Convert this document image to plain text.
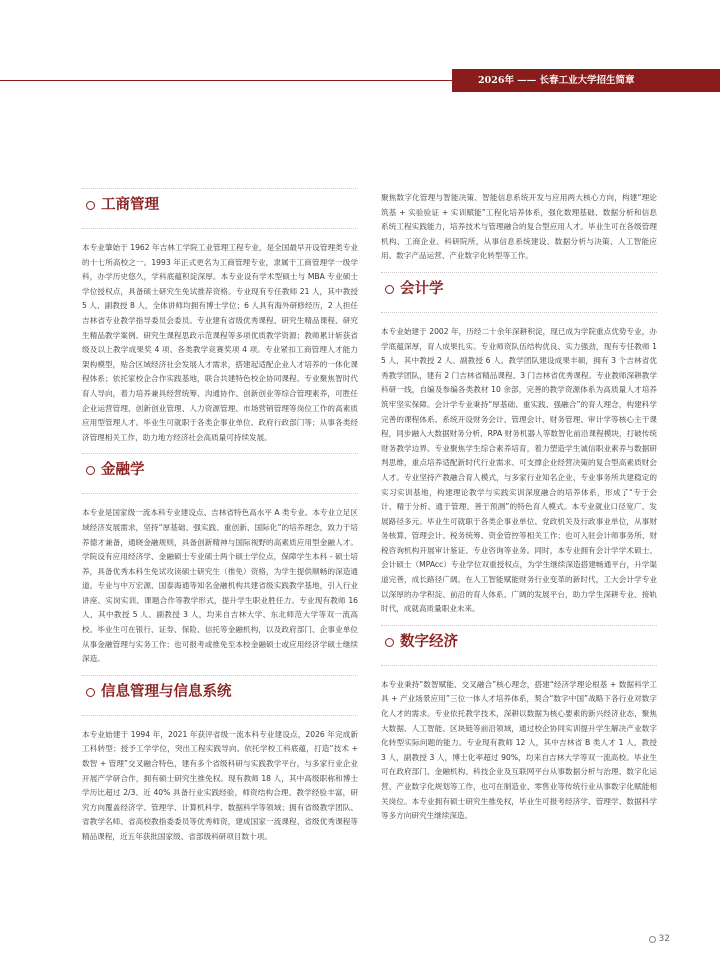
2026年 —— 长春工业大学招生简章
工商管理

本专业肇始于 1962 年吉林工学院工业管理工程专业，是全国最早开设管理类专业的十七所高校之一。1993 年正式更名为工商管理专业，隶属于工商管理学一级学科，办学历史悠久，学科底蕴积淀深厚。本专业设有学术型硕士与 MBA 专业硕士学位授权点，具备硕士研究生免试推荐资格。专业现有专任教师 21 人，其中教授 5 人、副教授 8 人，全体讲师均拥有博士学位；6 人具有海外研修经历，2 人担任吉林省专业教学指导委员会委员。专业建有省级优秀课程、研究生精品课程、研究生精品教学案例、研究生课程思政示范课程等多项优质教学资源；教师累计斩获省级及以上教学成果奖 4 项、各类教学竞赛奖项 4 项。专业紧扣工商管理人才能力架构模型，贴合区域经济社会发展人才需求，搭建起适配企业人才培养的一体化课程体系；依托家校企合作实践基地，联合共建特色校企协同课程。专业聚焦智时代育人导向，着力培养兼具经营统筹、沟通协作、创新创业等综合管理素养，可胜任企业运营管理、创新创业管理、人力资源管理、市场营销管理等岗位工作的高素质应用型管理人才。毕业生可就职于各类企事业单位、政府行政部门等；从事各类经济管理相关工作，助力地方经济社会高质量可持续发展。

金融学

本专业是国家级一流本科专业建设点、吉林省特色高水平 A 类专业。本专业立足区域经济发展需求，坚持“厚基础、强实践、重创新、国际化”的培养理念，致力于培养德才兼备，通晓金融规则，具备创新精神与国际视野的高素质应用型金融人才。学院设有应用经济学、金融硕士专业硕士两个硕士学位点，保障学生本科 - 硕士培养，具备优秀本科生免试攻读硕士研究生（推免）资格，为学生提供顺畅的深造通道。专业与中万宏源、国泰海通等知名金融机构共建省级实践教学基地，引入行业讲座、实岗实训、课题合作等教学形式，提升学生职业胜任力。专业现有教师 16 人，其中教授 5 人、副教授 3 人，均来自吉林大学、东北师范大学等双一流高校。毕业生可在银行、证券、保险、信托等金融机构，以及政府部门、企事业单位从事金融管理与实务工作；也可报考或推免至本校金融硕士或应用经济学硕士继续深造。

信息管理与信息系统

本专业始建于 1994 年，2021 年获评省级一流本科专业建设点，2026 年完成新工科转型；授予工学学位，突出工程实践导向。依托学校工科底蕴，打造“技术 + 数智 + 管理”交叉融合特色，建有多个省级科研与实践教学平台，与多家行业企业开展产学研合作，拥有硕士研究生推免权。现有教师 18 人，其中高级职称和博士学历比超过 2/3、近 40% 具备行业实践经验，师资结构合理、教学经验丰富，研究方向覆盖经济学、管理学、计算机科学、数据科学等领域；拥有省级教学团队、省教学名师、省高校教指委委员等优秀师资，建成国家一流课程、省级优秀课程等精品课程，近五年获批国家级、省部级科研项目数十项。

聚焦数字化管理与智能决策、智能信息系统开发与应用两大核心方向，构建“理论筑基 + 实验验证 + 实训赋能”工程化培养体系，强化数理基础、数据分析和信息系统工程实践能力，培养技术与管理融合的复合型应用人才。毕业生可在各级管理机构、工商企业、科研院所，从事信息系统建设、数据分析与决策、人工智能应用、数字产品运营、产业数字化转型等工作。

会计学

本专业始建于 2002 年，历经二十余年深耕积淀，现已成为学院重点优势专业，办学底蕴深厚，育人成果扎实。专业师资队伍结构优良、实力强劲，现有专任教师 15 人，其中教授 2 人、副教授 6 人。教学团队建设成果丰硕，拥有 3 个吉林省优秀教学团队，建有 2 门吉林省精品课程、3 门吉林省优秀课程。专业教师深耕教学科研一线，自编及参编各类教材 10 余部，完善的教学资源体系为高质量人才培养筑牢坚实保障。会计学专业秉持“厚基础、重实践、强融合”的育人理念，构建科学完善的课程体系。系统开设财务会计、管理会计、财务管理、审计学等核心主干课程，同步融入大数据财务分析、RPA 财务机器人等数智化前沿课程模块，打破传统财务教学边界。专业聚焦学生综合素养培育，着力塑造学生诚信职业素养与数据研判思维，重点培养适配新时代行业需求、可支撑企业经营决策的复合型高素质财会人才。专业坚持产教融合育人模式，与多家行业知名企业、专业事务所共建稳定的实习实训基地，构建理论教学与实践实训深度融合的培养体系，形成了“专于会计、精于分析、通于管理、善于预测”的特色育人模式。本专业就业口径宽广、发展路径多元。毕业生可就职于各类企事业单位、党政机关及行政事业单位，从事财务核算、管理会计、税务统筹、资金管控等相关工作；也可入驻会计师事务所、财税咨询机构开展审计鉴证、专业咨询等业务。同时，本专业拥有会计学学术硕士、会计硕士（MPAcc）专业学位双重授权点，为学生继续深造搭建畅通平台，升学渠道完善，成长路径广阔。在人工智能赋能财务行业变革的新时代，工大会计学专业以深厚的办学积淀、前沿的育人体系、广阔的发展平台，助力学生深耕专业、接轨时代，成就高质量职业未来。

数字经济

本专业秉持“数智赋能、交叉融合”核心理念，搭建“经济学理论根基 + 数据科学工具 + 产业场景应用”三位一体人才培养体系，契合“数字中国”战略下各行业对数字化人才的需求。专业依托教学技术，深耕以数据为核心要素的新兴经济业态，聚焦大数据、人工智能、区块链等前沿领域，通过校企协同实训提升学生解决产业数字化转型实际问题的能力。专业现有教师 12 人，其中吉林省 B 类人才 1 人，教授 3 人，副教授 3 人，博士化率超过 90%，均来自吉林大学等双一流高校。毕业生可在政府部门、金融机构、科技企业及互联网平台从事数据分析与治理、数字化运营、产业数字化规划等工作，也可在制造业、零售业等传统行业从事数字化赋能相关岗位。本专业拥有硕士研究生推免权，毕业生可报考经济学、管理学、数据科学等多方向研究生继续深造。

32
